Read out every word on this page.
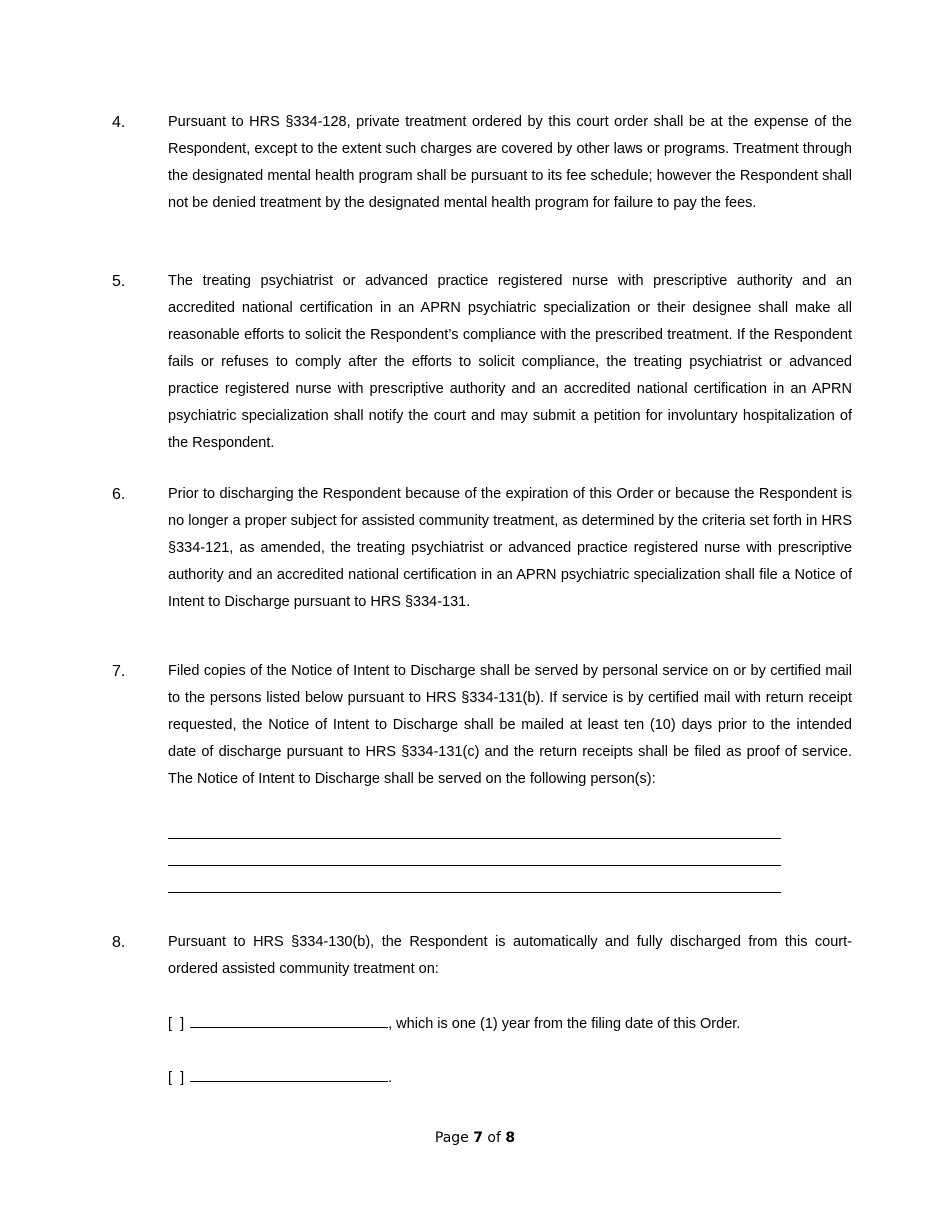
4.	Pursuant to HRS §334-128, private treatment ordered by this court order shall be at the expense of the Respondent, except to the extent such charges are covered by other laws or programs. Treatment through the designated mental health program shall be pursuant to its fee schedule; however the Respondent shall not be denied treatment by the designated mental health program for failure to pay the fees.
5.	The treating psychiatrist or advanced practice registered nurse with prescriptive authority and an accredited national certification in an APRN psychiatric specialization or their designee shall make all reasonable efforts to solicit the Respondent’s compliance with the prescribed treatment. If the Respondent fails or refuses to comply after the efforts to solicit compliance, the treating psychiatrist or advanced practice registered nurse with prescriptive authority and an accredited national certification in an APRN psychiatric specialization shall notify the court and may submit a petition for involuntary hospitalization of the Respondent.
6.	Prior to discharging the Respondent because of the expiration of this Order or because the Respondent is no longer a proper subject for assisted community treatment, as determined by the criteria set forth in HRS §334-121, as amended, the treating psychiatrist or advanced practice registered nurse with prescriptive authority and an accredited national certification in an APRN psychiatric specialization shall file a Notice of Intent to Discharge pursuant to HRS §334-131.
7.	Filed copies of the Notice of Intent to Discharge shall be served by personal service on or by certified mail to the persons listed below pursuant to HRS §334-131(b). If service is by certified mail with return receipt requested, the Notice of Intent to Discharge shall be mailed at least ten (10) days prior to the intended date of discharge pursuant to HRS §334-131(c) and the return receipts shall be filed as proof of service. The Notice of Intent to Discharge shall be served on the following person(s):
8.	Pursuant to HRS §334-130(b), the Respondent is automatically and fully discharged from this court-ordered assisted community treatment on:
[  ]	, which is one (1) year from the filing date of this Order.
[  ]	.
Page 7 of 8
